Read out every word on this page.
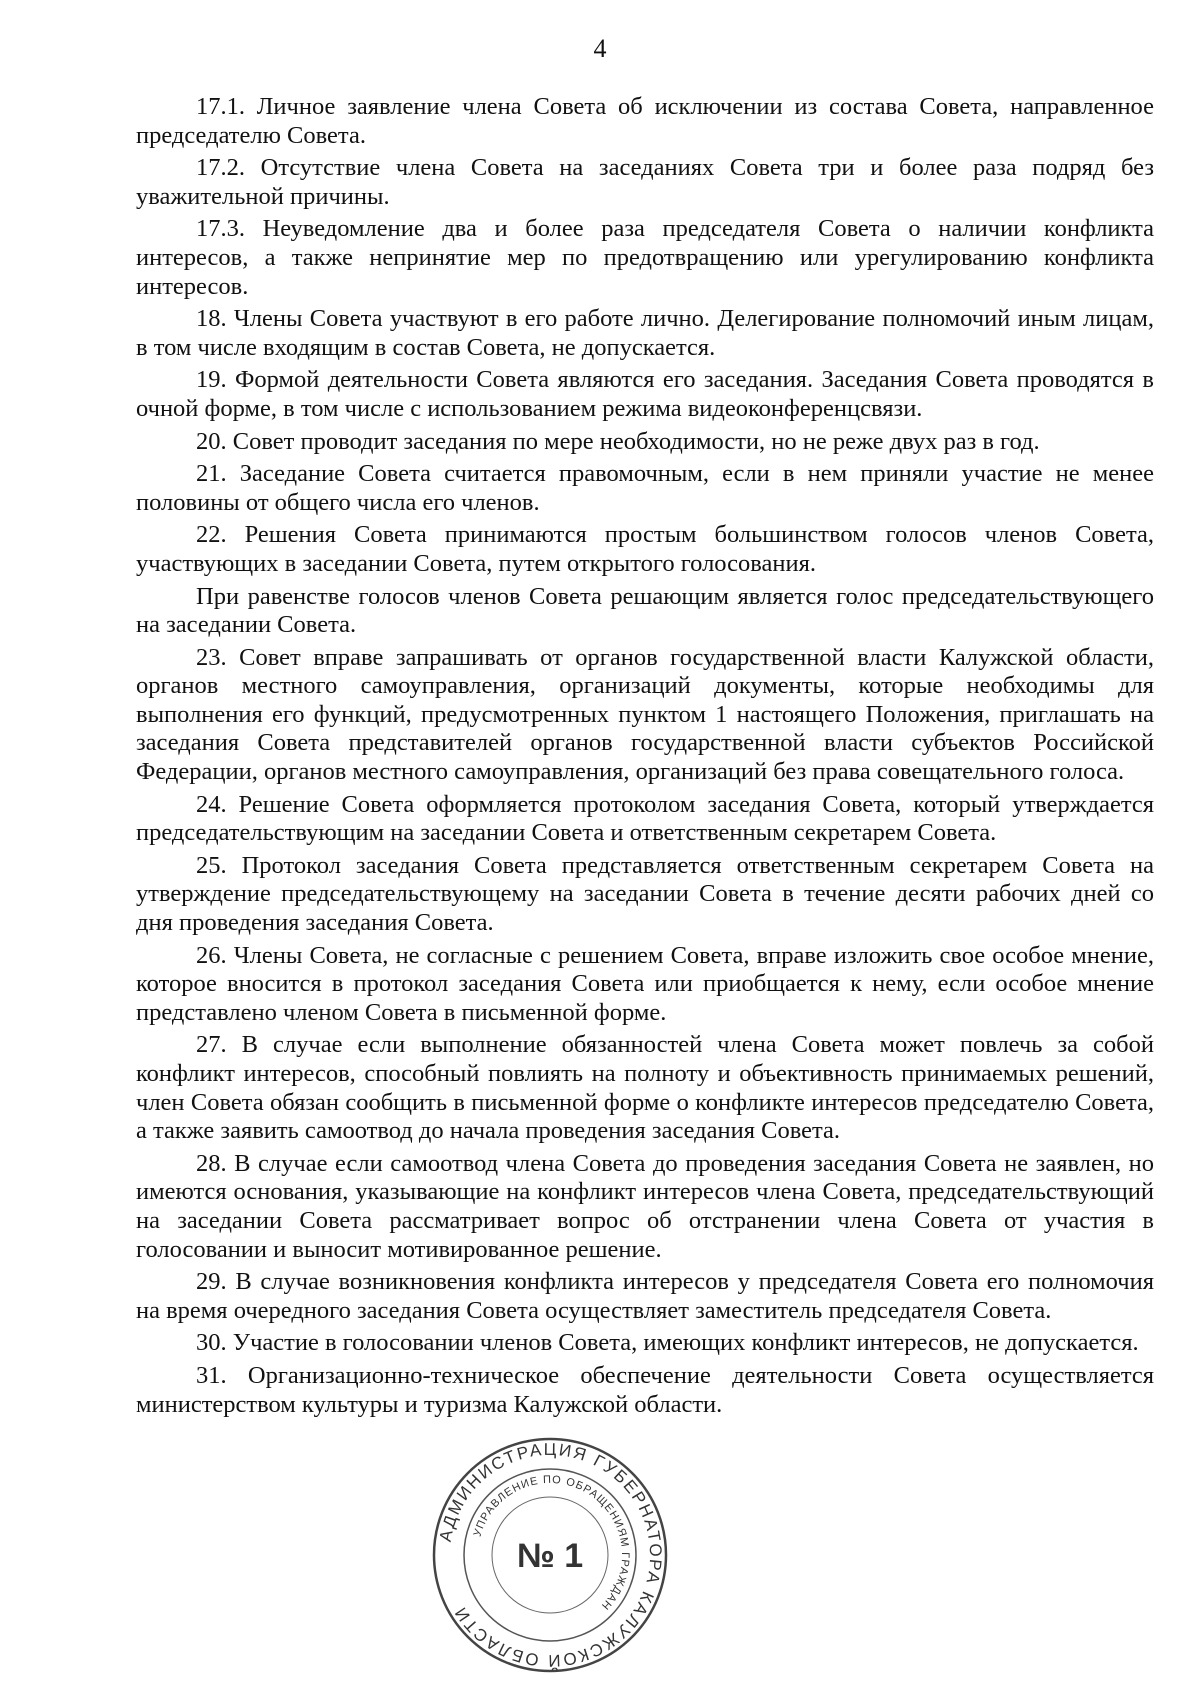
4

17.1. Личное заявление члена Совета об исключении из состава Совета, направленное председателю Совета.

17.2. Отсутствие члена Совета на заседаниях Совета три и более раза подряд без уважительной причины.

17.3. Неуведомление два и более раза председателя Совета о наличии конфликта интересов, а также непринятие мер по предотвращению или урегулированию конфликта интересов.

18. Члены Совета участвуют в его работе лично. Делегирование полномочий иным лицам, в том числе входящим в состав Совета, не допускается.

19. Формой деятельности Совета являются его заседания. Заседания Совета проводятся в очной форме, в том числе с использованием режима видеоконференцсвязи.

20. Совет проводит заседания по мере необходимости, но не реже двух раз в год.

21. Заседание Совета считается правомочным, если в нем приняли участие не менее половины от общего числа его членов.

22. Решения Совета принимаются простым большинством голосов членов Совета, участвующих в заседании Совета, путем открытого голосования.

При равенстве голосов членов Совета решающим является голос председательствующего на заседании Совета.

23. Совет вправе запрашивать от органов государственной власти Калужской области, органов местного самоуправления, организаций документы, которые необходимы для выполнения его функций, предусмотренных пунктом 1 настоящего Положения, приглашать на заседания Совета представителей органов государственной власти субъектов Российской Федерации, органов местного самоуправления, организаций без права совещательного голоса.

24. Решение Совета оформляется протоколом заседания Совета, который утверждается председательствующим на заседании Совета и ответственным секретарем Совета.

25. Протокол заседания Совета представляется ответственным секретарем Совета на утверждение председательствующему на заседании Совета в течение десяти рабочих дней со дня проведения заседания Совета.

26. Члены Совета, не согласные с решением Совета, вправе изложить свое особое мнение, которое вносится в протокол заседания Совета или приобщается к нему, если особое мнение представлено членом Совета в письменной форме.

27. В случае если выполнение обязанностей члена Совета может повлечь за собой конфликт интересов, способный повлиять на полноту и объективность принимаемых решений, член Совета обязан сообщить в письменной форме о конфликте интересов председателю Совета, а также заявить самоотвод до начала проведения заседания Совета.

28. В случае если самоотвод члена Совета до проведения заседания Совета не заявлен, но имеются основания, указывающие на конфликт интересов члена Совета, председательствующий на заседании Совета рассматривает вопрос об отстранении члена Совета от участия в голосовании и выносит мотивированное решение.

29. В случае возникновения конфликта интересов у председателя Совета его полномочия на время очередного заседания Совета осуществляет заместитель председателя Совета.

30. Участие в голосовании членов Совета, имеющих конфликт интересов, не допускается.

31. Организационно-техническое обеспечение деятельности Совета осуществляется министерством культуры и туризма Калужской области.

АДМИНИСТРАЦИЯ ГУБЕРНАТОРА КАЛУЖСКОЙ ОБЛАСТИ
УПРАВЛЕНИЕ ПО ОБРАЩЕНИЯМ ГРАЖДАН
№ 1
